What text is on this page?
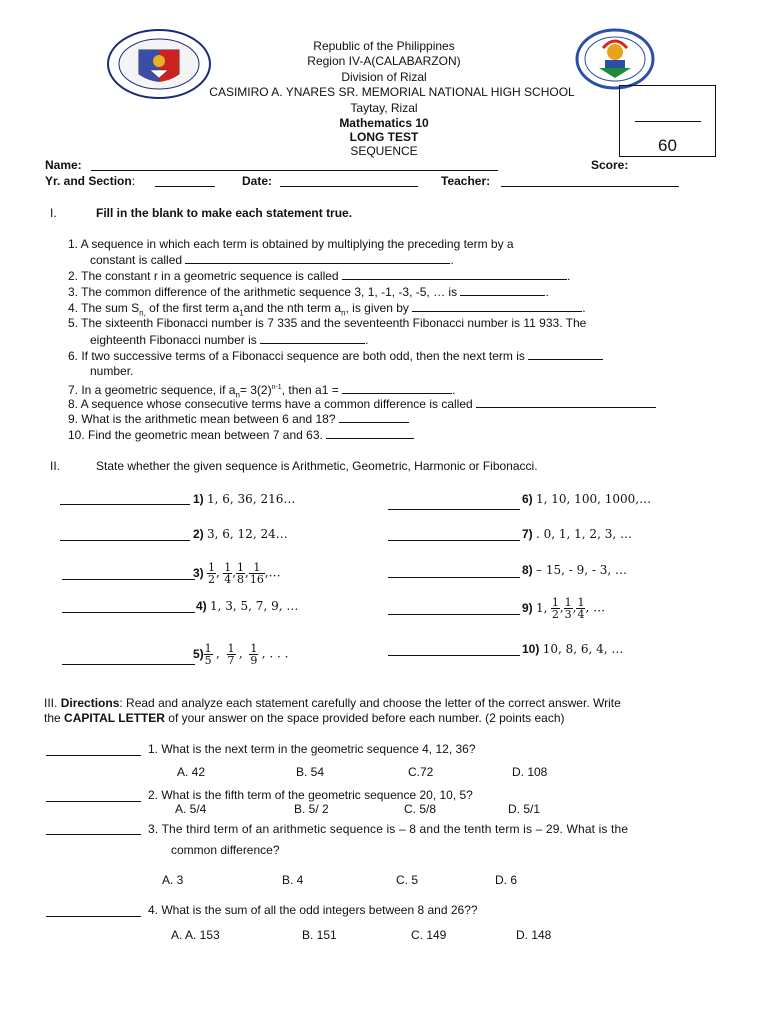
Republic of the Philippines
Region IV-A(CALABARZON)
Division of Rizal
CASIMIRO A. YNARES SR. MEMORIAL NATIONAL HIGH SCHOOL
Taytay, Rizal
Mathematics 10
LONG TEST
SEQUENCE	60
Name:	Score:
Yr. and Section:	Date:	Teacher:
I.	Fill in the blank to make each statement true.
1. A sequence in which each term is obtained by multiplying the preceding term by a
constant is called	.
2. The constant r in a geometric sequence is called	.
3. The common difference of the arithmetic sequence 3, 1, -1, -3, -5, … is	.
4. The sum $S_{n,}$ of the first term $a_1and$ the nth term $a_n$, is given by	.
5. The sixteenth Fibonacci number is 7 335 and the seventeenth Fibonacci number is 11 933. The
eighteenth Fibonacci number is	.
6. If two successive terms of a Fibonacci sequence are both odd, then the next term is
number.
7. In a geometric sequence, if $a_n= 3(2)^{n-1}$, then a1 =	.
8. A sequence whose consecutive terms have a common difference is called
9. What is the arithmetic mean between 6 and 18?
10. Find the geometric mean between 7 and 63.
II.	State whether the given sequence is Arithmetic, Geometric, Harmonic or Fibonacci.
1) 1, 6, 36, 216…
2) 3, 6, 12, 24…
$3) \frac{1}{2}$ , $\frac{1}{4}$ , $\frac{1}{8}$ , $\frac{1}{16}$ ,…
4) 1, 3, 5, 7, 9, …
$5) \frac{1}{5}$ , $\frac{1}{7}$ , $\frac{1}{9}$ , . . .
6) 1, 10, 100, 1000,…
7) . 0, 1, 1, 2, 3, …
8) – 15, - 9, - 3, …
9) 1, $\frac{1}{2}$ , $\frac{1}{3}$ , $\frac{1}{4}$ , …
10) 10, 8, 6, 4, …
III. Directions: Read and analyze each statement carefully and choose the letter of the correct answer. Write
the CAPITAL LETTER of your answer on the space provided before each number. (2 points each)
1. What is the next term in the geometric sequence 4, 12, 36?
A. 42	B. 54	C.72	D. 108
2. What is the fifth term of the geometric sequence 20, 10, 5?
A. 5/4	B. 5/ 2	C. 5/8	D. 5/1
3. The third term of an arithmetic sequence is – 8 and the tenth term is – 29. What is the
common difference?
A. 3	B. 4	C. 5	D. 6
4. What is the sum of all the odd integers between 8 and 26??
A. A. 153	B. 151	C. 149	D. 148
